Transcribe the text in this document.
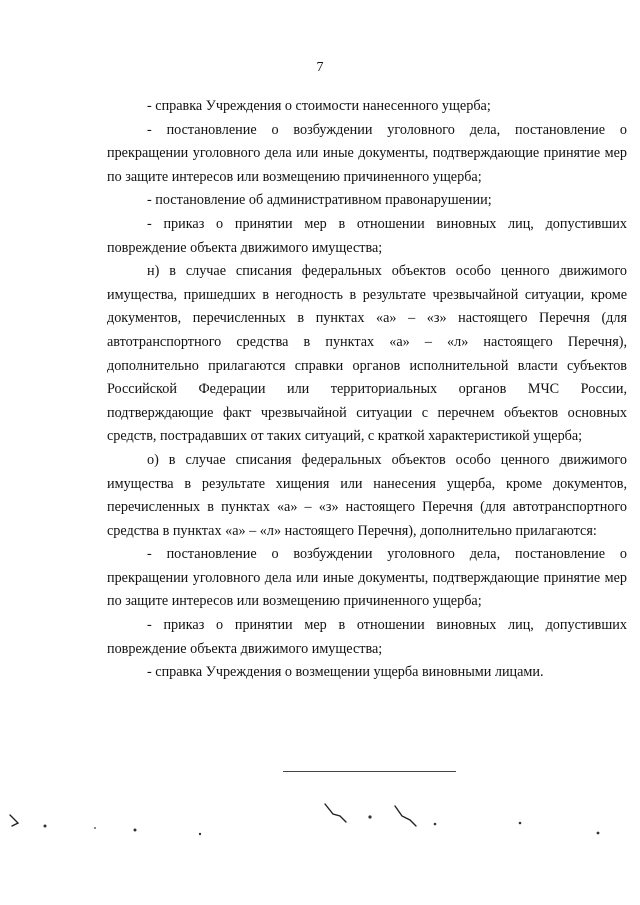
7

- справка Учреждения о стоимости нанесенного ущерба;

- постановление о возбуждении уголовного дела, постановление о прекращении уголовного дела или иные документы, подтверждающие принятие мер по защите интересов или возмещению причиненного ущерба;

- постановление об административном правонарушении;

- приказ о принятии мер в отношении виновных лиц, допустивших повреждение объекта движимого имущества;

н) в случае списания федеральных объектов особо ценного движимого имущества, пришедших в негодность в результате чрезвычайной ситуации, кроме документов, перечисленных в пунктах «а» – «з» настоящего Перечня (для автотранспортного средства в пунктах «а» – «л» настоящего Перечня), дополнительно прилагаются справки органов исполнительной власти субъектов Российской Федерации или территориальных органов МЧС России, подтверждающие факт чрезвычайной ситуации с перечнем объектов основных средств, пострадавших от таких ситуаций, с краткой характеристикой ущерба;

о) в случае списания федеральных объектов особо ценного движимого имущества в результате хищения или нанесения ущерба, кроме документов, перечисленных в пунктах «а» – «з» настоящего Перечня (для автотранспортного средства в пунктах «а» – «л» настоящего Перечня), дополнительно прилагаются:

- постановление о возбуждении уголовного дела, постановление о прекращении уголовного дела или иные документы, подтверждающие принятие мер по защите интересов или возмещению причиненного ущерба;

- приказ о принятии мер в отношении виновных лиц, допустивших повреждение объекта движимого имущества;

- справка Учреждения о возмещении ущерба виновными лицами.
